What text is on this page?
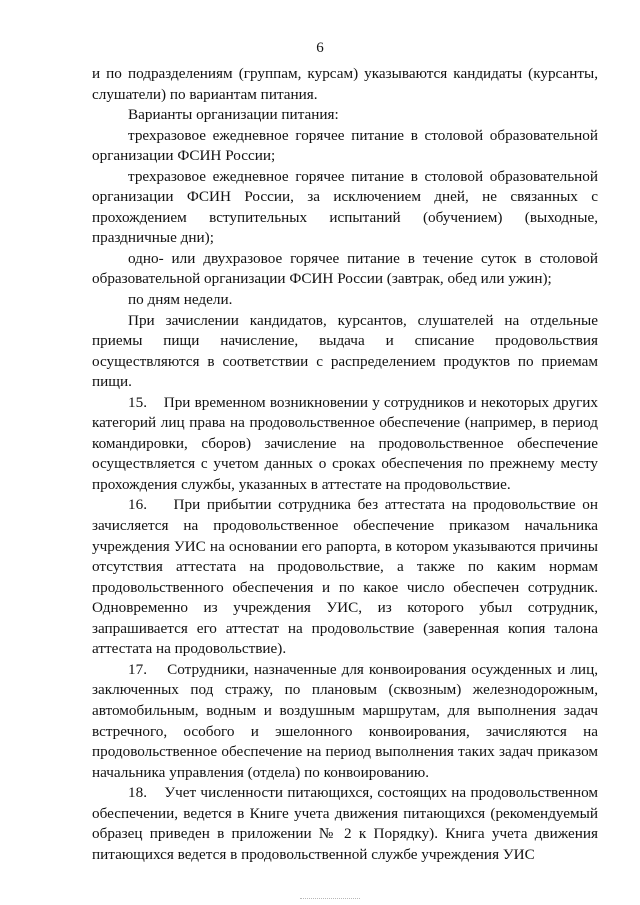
6

и по подразделениям (группам, курсам) указываются кандидаты (курсанты, слушатели) по вариантам питания.

Варианты организации питания:

трехразовое ежедневное горячее питание в столовой образовательной организации ФСИН России;

трехразовое ежедневное горячее питание в столовой образовательной организации ФСИН России, за исключением дней, не связанных с прохождением вступительных испытаний (обучением) (выходные, праздничные дни);

одно- или двухразовое горячее питание в течение суток в столовой образовательной организации ФСИН России (завтрак, обед или ужин);

по дням недели.

При зачислении кандидатов, курсантов, слушателей на отдельные приемы пищи начисление, выдача и списание продовольствия осуществляются в соответствии с распределением продуктов по приемам пищи.

15.    При временном возникновении у сотрудников и некоторых других категорий лиц права на продовольственное обеспечение (например, в период командировки, сборов) зачисление на продовольственное обеспечение осуществляется с учетом данных о сроках обеспечения по прежнему месту прохождения службы, указанных в аттестате на продовольствие.

16.    При прибытии сотрудника без аттестата на продовольствие он зачисляется на продовольственное обеспечение приказом начальника учреждения УИС на основании его рапорта, в котором указываются причины отсутствия аттестата на продовольствие, а также по каким нормам продовольственного обеспечения и по какое число обеспечен сотрудник. Одновременно из учреждения УИС, из которого убыл сотрудник, запрашивается его аттестат на продовольствие (заверенная копия талона аттестата на продовольствие).

17.    Сотрудники, назначенные для конвоирования осужденных и лиц, заключенных под стражу, по плановым (сквозным) железнодорожным, автомобильным, водным и воздушным маршрутам, для выполнения задач встречного, особого и эшелонного конвоирования, зачисляются на продовольственное обеспечение на период выполнения таких задач приказом начальника управления (отдела) по конвоированию.

18.    Учет численности питающихся, состоящих на продовольственном обеспечении, ведется в Книге учета движения питающихся (рекомендуемый образец приведен в приложении № 2 к Порядку). Книга учета движения питающихся ведется в продовольственной службе учреждения УИС
